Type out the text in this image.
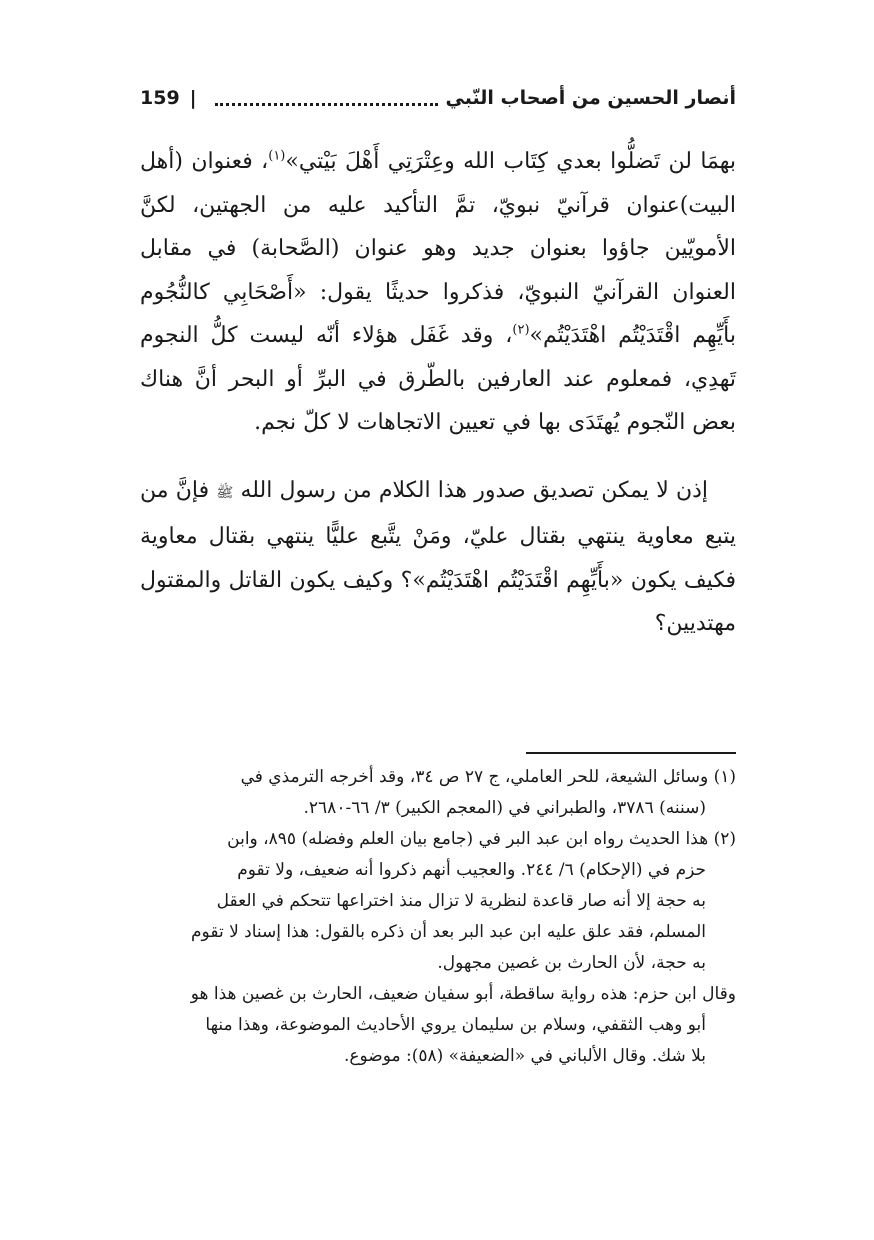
أنصار الحسين من أصحاب النّبي
|
159

بهمَا لن تَضلُّوا بعدي كِتَاب الله وعِتْرَتِي أَهْلَ بَيْتي»$^{(١)}$، فعنوان (أهل البيت)عنوان قرآنيّ نبويّ، تمَّ التأكيد عليه من الجهتين، لكنَّ الأمويّين جاؤوا بعنوان جديد وهو عنوان (الصَّحابة) في مقابل العنوان القرآنيّ النبويّ، فذكروا حديثًا يقول: «أَصْحَابِي كالنُّجُوم بأَيِّهِم اقْتَدَيْتُم اهْتَدَيْتُم»$^{(٢)}$، وقد غَفَل هؤلاء أنّه ليست كلُّ النجوم تَهدِي، فمعلوم عند العارفين بالطّرق في البرِّ أو البحر أنَّ هناك بعض النّجوم يُهتَدَى بها في تعيين الاتجاهات لا كلّ نجم.

إذن لا يمكن تصديق صدور هذا الكلام من رسول الله ﷺ فإنَّ من يتبع معاوية ينتهي بقتال عليّ، ومَنْ يتَّبع عليًّا ينتهي بقتال معاوية فكيف يكون «بأَيِّهِم اقْتَدَيْتُم اهْتَدَيْتُم»؟ وكيف يكون القاتل والمقتول مهتديين؟

(١) وسائل الشيعة، للحر العاملي، ج ٢٧ ص ٣٤، وقد أخرجه الترمذي في

(سننه) ٣٧٨٦، والطبراني في (المعجم الكبير) ٣/ ٦٦-٢٦٨٠.

(٢) هذا الحديث رواه ابن عبد البر في (جامع بيان العلم وفضله) ٨٩٥، وابن

حزم في (الإحكام) ٦/ ٢٤٤. والعجيب أنهم ذكروا أنه ضعيف، ولا تقوم

به حجة إلا أنه صار قاعدة لنظرية لا تزال منذ اختراعها تتحكم في العقل

المسلم، فقد علق عليه ابن عبد البر بعد أن ذكره بالقول: هذا إسناد لا تقوم

به حجة، لأن الحارث بن غصين مجهول.

وقال ابن حزم: هذه رواية ساقطة، أبو سفيان ضعيف، الحارث بن غصين هذا هو

أبو وهب الثقفي، وسلام بن سليمان يروي الأحاديث الموضوعة، وهذا منها

بلا شك. وقال الألباني في «الضعيفة» (٥٨): موضوع.
